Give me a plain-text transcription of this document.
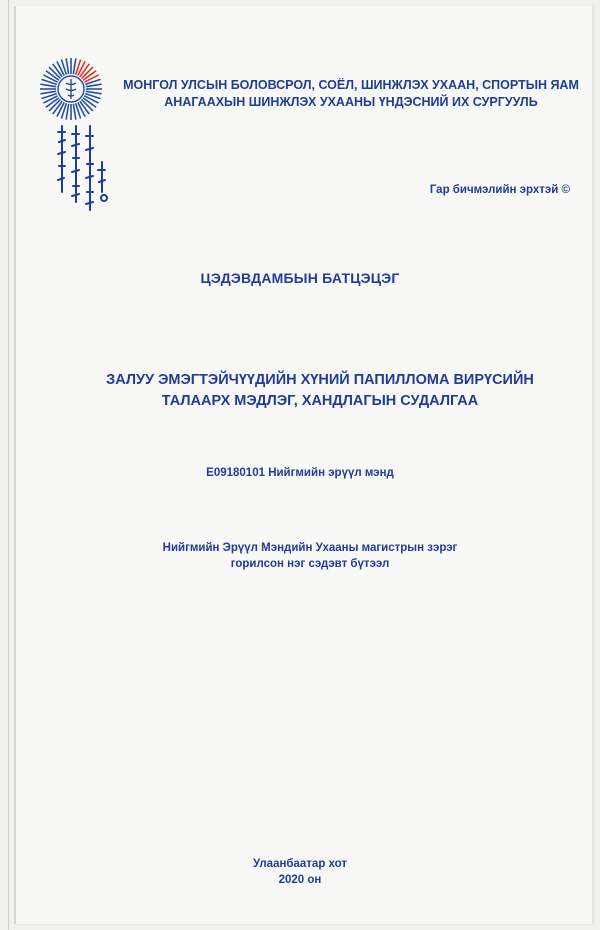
МОНГОЛ УЛСЫН БОЛОВСРОЛ, СОЁЛ, ШИНЖЛЭХ УХААН, СПОРТЫН ЯАМ
АНАГААХЫН ШИНЖЛЭХ УХААНЫ ҮНДЭСНИЙ ИХ СУРГУУЛЬ
Гар бичмэлийн эрхтэй ©
ЦЭДЭВДАМБЫН БАТЦЭЦЭГ
ЗАЛУУ ЭМЭГТЭЙЧҮҮДИЙН ХҮНИЙ ПАПИЛЛОМА ВИРҮСИЙН
ТАЛААРХ МЭДЛЭГ, ХАНДЛАГЫН СУДАЛГАА
E09180101 Нийгмийн эрүүл мэнд
Нийгмийн Эрүүл Мэндийн Ухааны магистрын зэрэг
горилсон нэг сэдэвт бүтээл
Улаанбаатар хот
2020 он
